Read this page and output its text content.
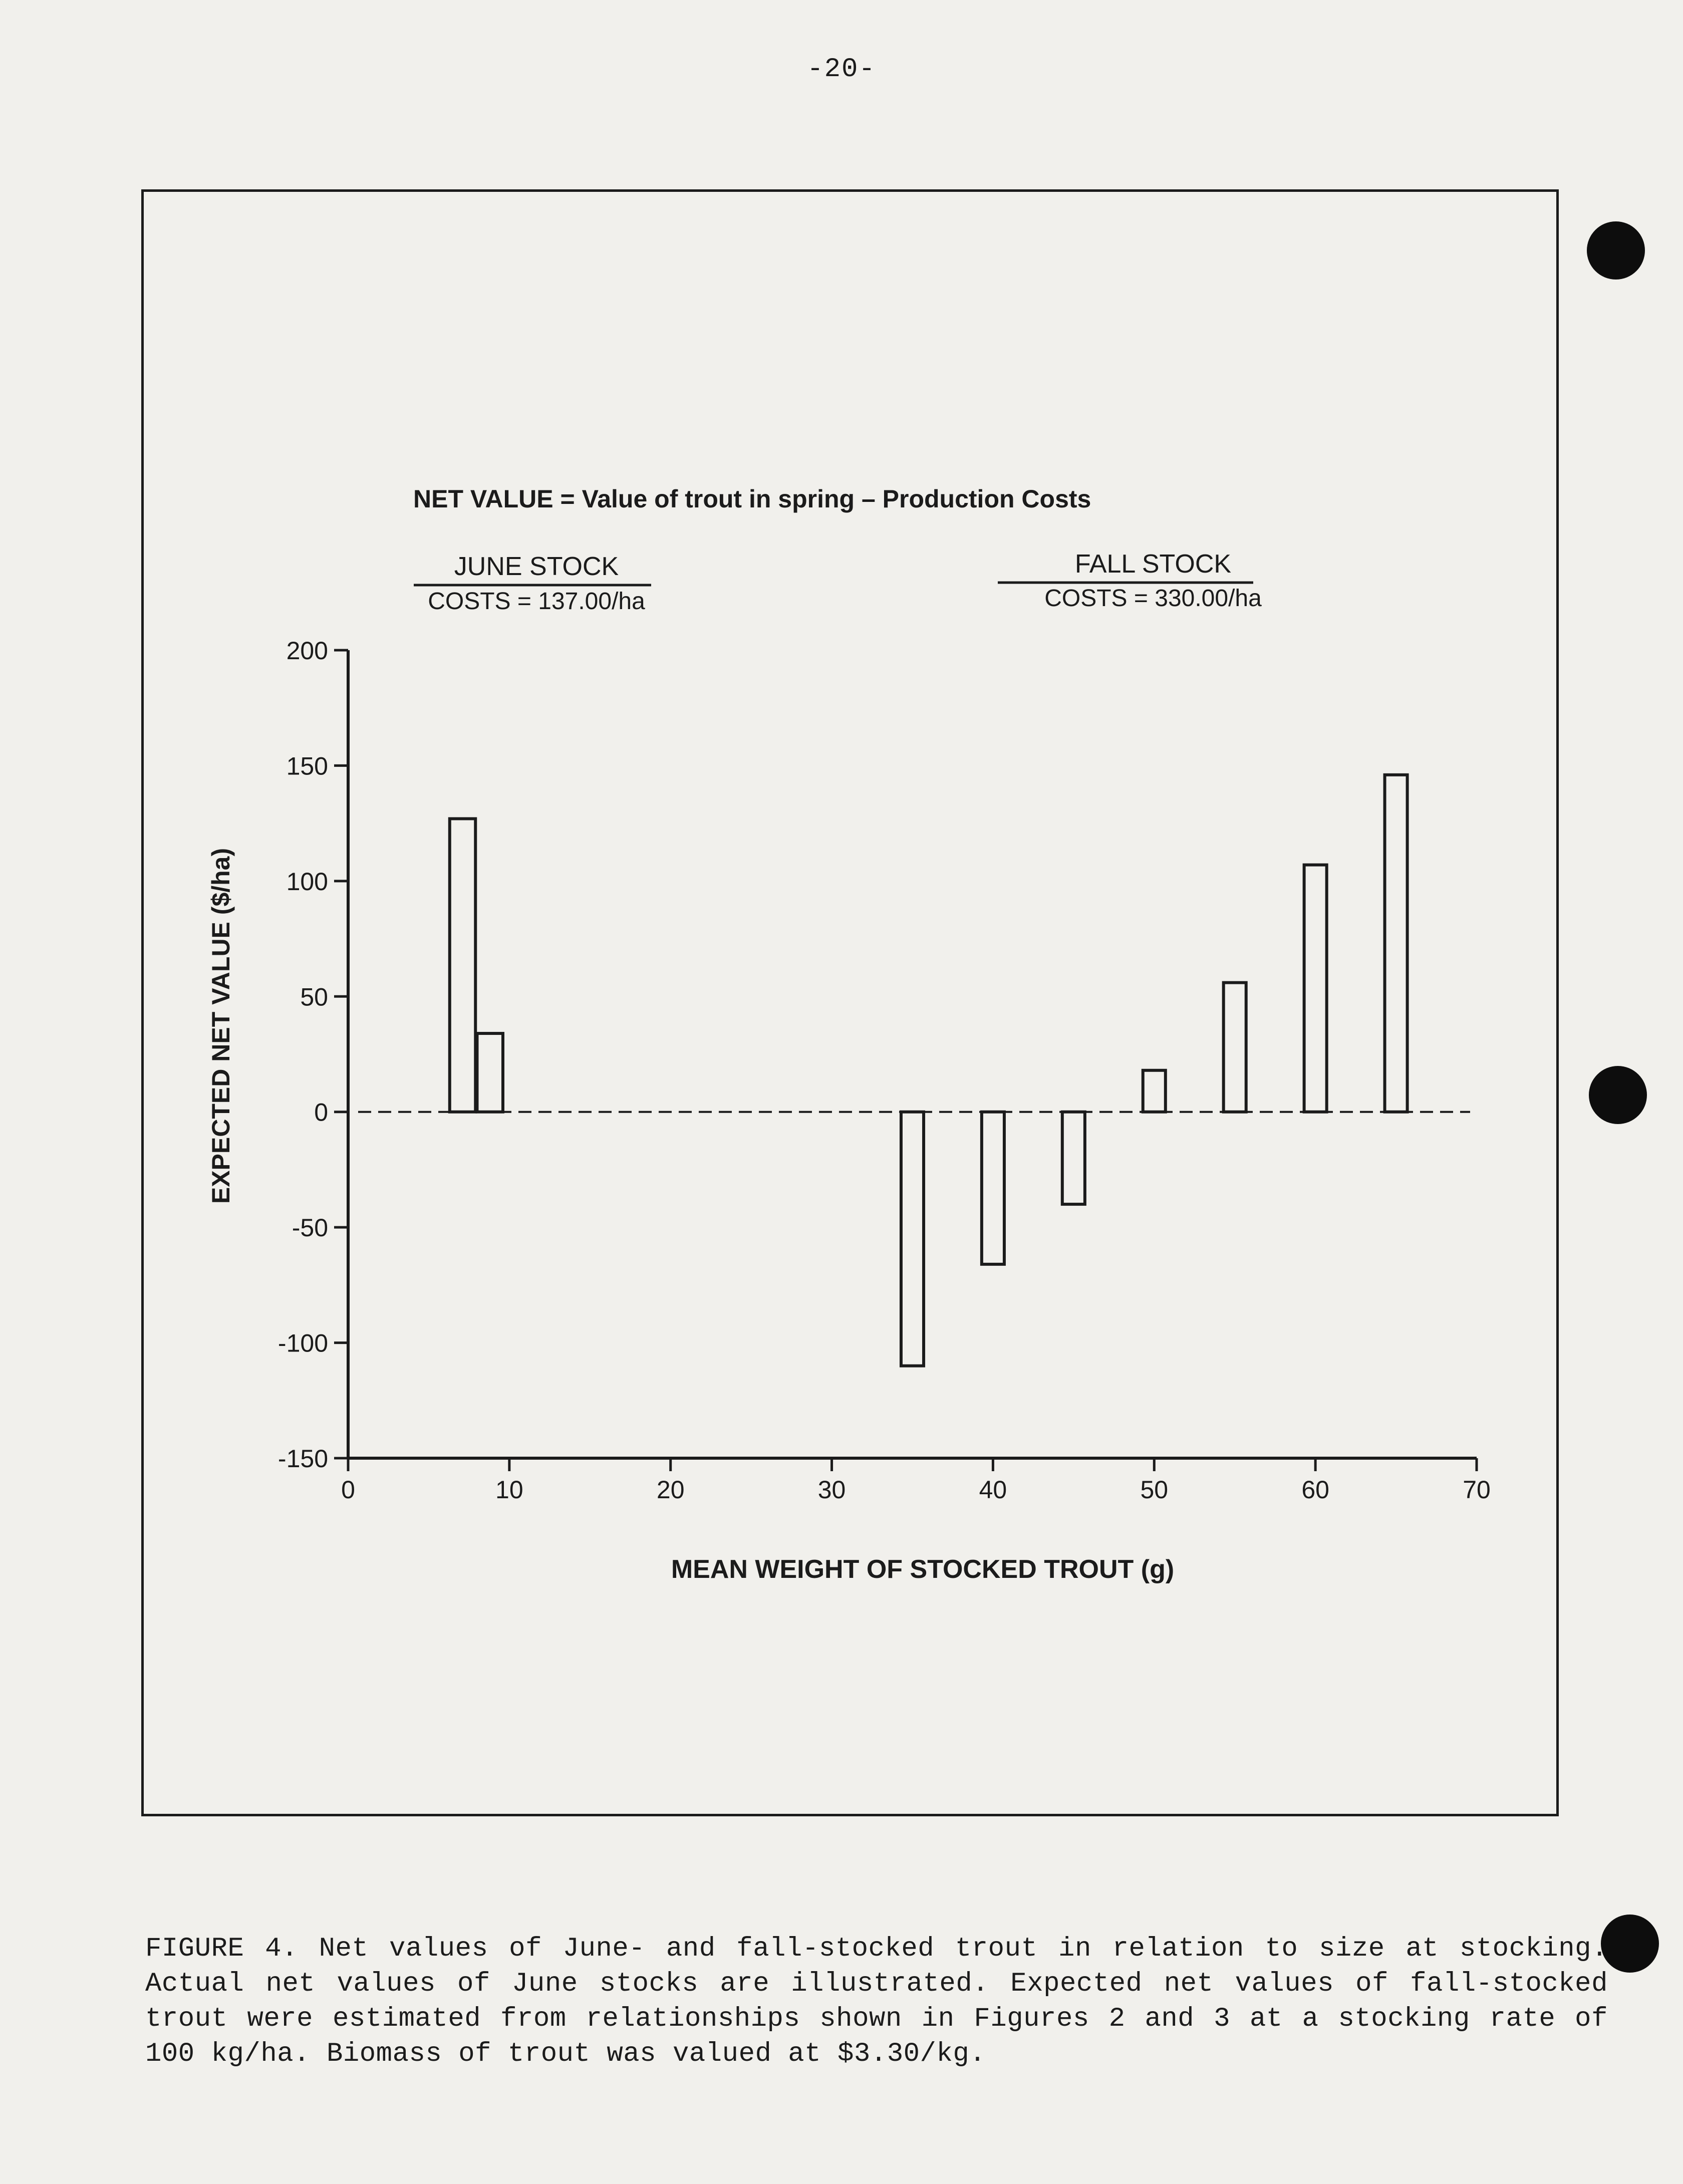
-20-
NET VALUE = Value of trout in spring – Production Costs
JUNE STOCK
COSTS = 137.00/ha
FALL STOCK
COSTS = 330.00/ha
EXPECTED NET VALUE ($/ha)
MEAN WEIGHT OF STOCKED TROUT (g)
200
150
100
50
0
-50
-100
-150
0	10	20	30	40	50	60	70
FIGURE 4. Net values of June- and fall-stocked trout in relation to size at stocking. Actual net values of June stocks are illustrated. Expected net values of fall-stocked trout were estimated from relationships shown in Figures 2 and 3 at a stocking rate of 100 kg/ha. Biomass of trout was valued at $3.30/kg.
